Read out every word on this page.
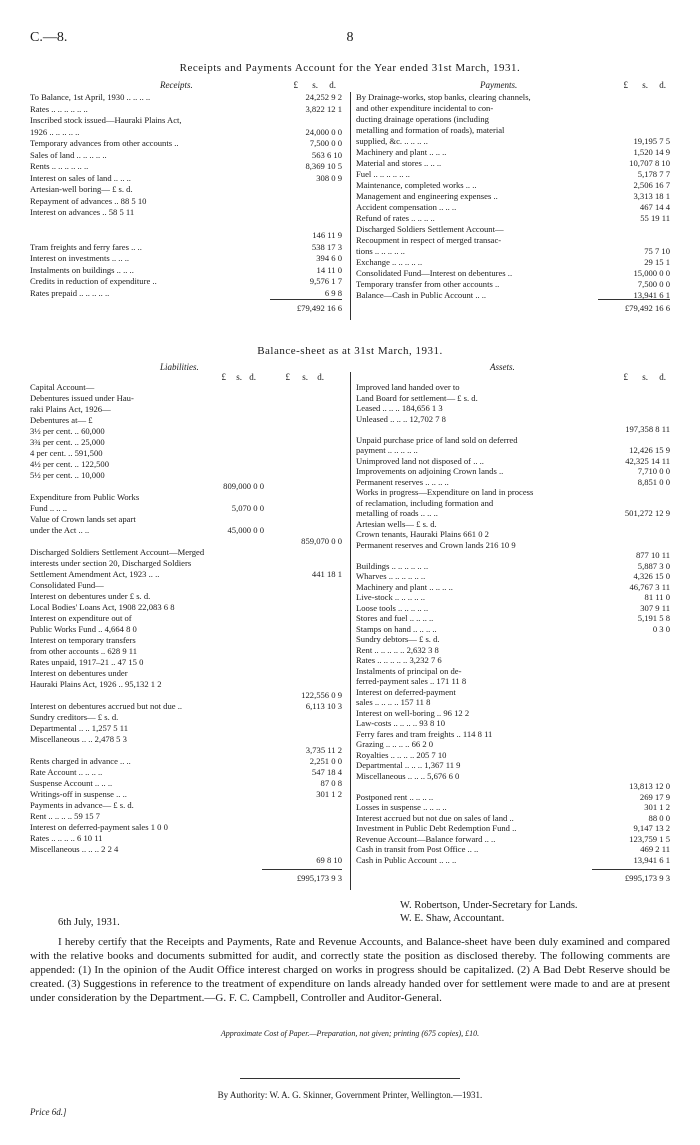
C.—8.	8
Receipts and Payments Account for the Year ended 31st March, 1931.
Receipts.	Payments.
£	s.	d.	£	s.	d.
To Balance, 1st April, 1930 .. .. .. ..	24,252 9 2
Rates .. .. .. .. .. ..	3,822 12 1
Inscribed stock issued—Hauraki Plains Act,
1926 .. .. .. .. ..	24,000 0 0
Temporary advances from other accounts ..	7,500 0 0
Sales of land .. .. .. .. ..	563 6 10
Rents .. .. .. .. .. ..	8,369 10 5
Interest on sales of land .. .. ..	308 0 9
Artesian-well boring— £ s. d.
Repayment of advances .. 88 5 10
Interest on advances .. 58 5 11
146 11 9
Tram freights and ferry fares .. ..	538 17 3
Interest on investments .. .. ..	394 6 0
Instalments on buildings .. .. ..	14 11 0
Credits in reduction of expenditure ..	9,576 1 7
Rates prepaid .. .. .. .. ..	6 9 8
By Drainage-works, stop banks, clearing channels,
and other expenditure incidental to con-
ducting drainage operations (including
metalling and formation of roads), material
supplied, &c. .. .. .. ..	19,195 7 5
Machinery and plant .. .. ..	1,520 14 9
Material and stores .. .. ..	10,707 8 10
Fuel .. .. .. .. .. ..	5,178 7 7
Maintenance, completed works .. ..	2,506 16 7
Management and engineering expenses ..	3,313 18 1
Accident compensation .. .. ..	467 14 4
Refund of rates .. .. .. ..	55 19 11
Discharged Soldiers Settlement Account—
Recoupment in respect of merged transac-
tions .. .. .. .. ..	75 7 10
Exchange .. .. .. .. ..	29 15 1
Consolidated Fund—Interest on debentures ..	15,000 0 0
Temporary transfer from other accounts ..	7,500 0 0
Balance—Cash in Public Account .. ..	13,941 6 1
£79,492 16 6	£79,492 16 6
Balance-sheet as at 31st March, 1931.
Liabilities.	Assets.
£	s. d.	£	s.	d.	£	s.	d.
Capital Account—
Debentures issued under Hau-
raki Plains Act, 1926—
Debentures at— £
3½ per cent. .. 60,000
3¾ per cent. .. 25,000
4 per cent. .. 591,500
4½ per cent. .. 122,500
5½ per cent. .. 10,000
809,000 0 0
Expenditure from Public Works
Fund .. .. ..	5,070 0 0
Value of Crown lands set apart
under the Act .. ..	45,000 0 0
859,070 0 0
Discharged Soldiers Settlement Account—Merged
interests under section 20, Discharged Soldiers
Settlement Amendment Act, 1923 .. ..	441 18 1
Consolidated Fund—
Interest on debentures under £ s. d.
Local Bodies' Loans Act, 1908 22,083 6 8
Interest on expenditure out of
Public Works Fund .. 4,664 8 0
Interest on temporary transfers
from other accounts .. 628 9 11
Rates unpaid, 1917–21 .. 47 15 0
Interest on debentures under
Hauraki Plains Act, 1926 .. 95,132 1 2
122,556 0 9
Interest on debentures accrued but not due ..	6,113 10 3
Sundry creditors— £ s. d.
Departmental .. .. 1,257 5 11
Miscellaneous .. .. 2,478 5 3
3,735 11 2
Rents charged in advance .. ..	2,251 0 0
Rate Account .. .. .. ..	547 18 4
Suspense Account .. .. ..	87 0 8
Writings-off in suspense .. ..	301 1 2
Payments in advance— £ s. d.
Rent .. .. .. .. 59 15 7
Interest on deferred-payment sales 1 0 0
Rates .. .. .. .. 6 10 11
Miscellaneous .. .. .. 2 2 4
69 8 10
Improved land handed over to
Land Board for settlement— £ s. d.
Leased .. .. .. 184,656 1 3
Unleased .. .. .. 12,702 7 8
197,358 8 11
Unpaid purchase price of land sold on deferred
payment .. .. .. .. ..	12,426 15 9
Unimproved land not disposed of .. ..	42,325 14 11
Improvements on adjoining Crown lands ..	7,710 0 0
Permanent reserves .. .. .. ..	8,851 0 0
Works in progress—Expenditure on land in process
of reclamation, including formation and
metalling of roads .. .. ..	501,272 12 9
Artesian wells— £ s. d.
Crown tenants, Hauraki Plains 661 0 2
Permanent reserves and Crown lands 216 10 9
877 10 11
Buildings .. .. .. .. .. ..	5,887 3 0
Wharves .. .. .. .. .. ..	4,326 15 0
Machinery and plant .. .. .. ..	46,767 3 11
Live-stock .. .. .. .. ..	81 11 0
Loose tools .. .. .. .. ..	307 9 11
Stores and fuel .. .. .. ..	5,191 5 8
Stamps on hand .. .. .. ..	0 3 0
Sundry debtors— £ s. d.
Rent .. .. .. .. .. 2,632 3 8
Rates .. .. .. .. .. 3,232 7 6
Instalments of principal on de-
ferred-payment sales .. 171 11 8
Interest on deferred-payment
sales .. .. .. .. 157 11 8
Interest on well-boring .. 96 12 2
Law-costs .. .. .. .. 93 8 10
Ferry fares and tram freights .. 114 8 11
Grazing .. .. .. .. 66 2 0
Royalties .. .. .. .. 205 7 10
Departmental .. .. .. 1,367 11 9
Miscellaneous .. .. .. 5,676 6 0
13,813 12 0
Postponed rent .. .. .. ..	269 17 9
Losses in suspense .. .. .. ..	301 1 2
Interest accrued but not due on sales of land ..	88 0 0
Investment in Public Debt Redemption Fund ..	9,147 13 2
Revenue Account—Balance forward .. ..	123,759 1 5
Cash in transit from Post Office .. ..	469 2 11
Cash in Public Account .. .. ..	13,941 6 1
£995,173 9 3	£995,173 9 3
W. Robertson, Under-Secretary for Lands.
W. E. Shaw, Accountant.
6th July, 1931.
I hereby certify that the Receipts and Payments, Rate and Revenue Accounts, and Balance-sheet have been duly examined and compared with the relative books and documents submitted for audit, and correctly state the position as disclosed thereby. The following comments are appended: (1) In the opinion of the Audit Office interest charged on works in progress should be capitalized. (2) A Bad Debt Reserve should be created. (3) Suggestions in reference to the treatment of expenditure on lands already handed over for settlement were made to and are at present under consideration by the Department.—G. F. C. Campbell, Controller and Auditor-General.
Approximate Cost of Paper.—Preparation, not given; printing (675 copies), £10.
By Authority: W. A. G. Skinner, Government Printer, Wellington.—1931.
Price 6d.]
